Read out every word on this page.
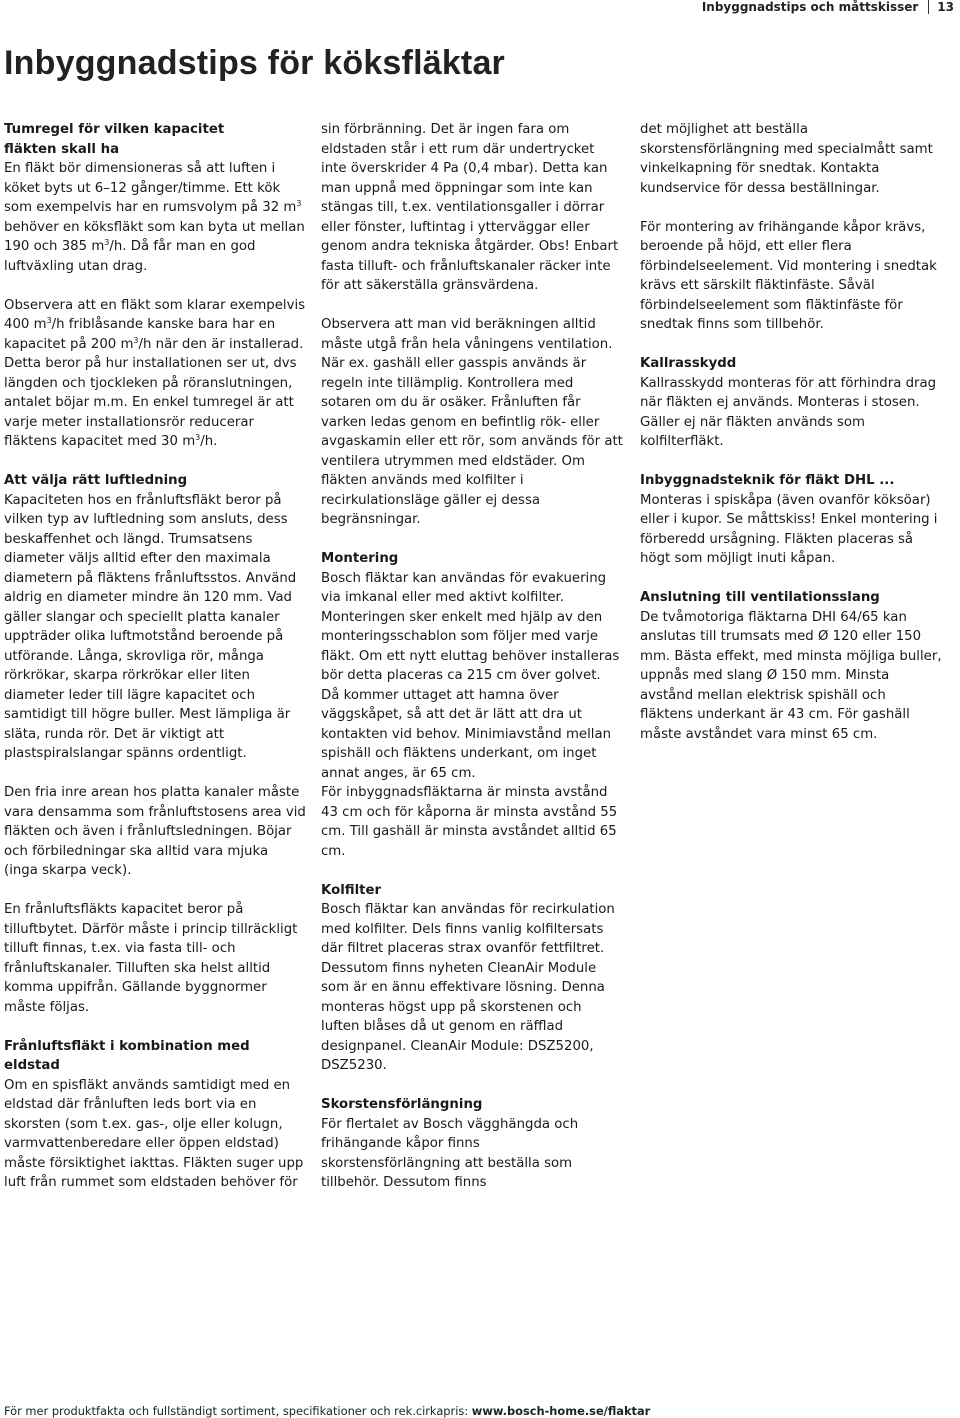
Inbyggnadstips och måttskisser	13
Inbyggnadstips för köksfläktar

Tumregel för vilken kapacitet
fläkten skall ha
En fläkt bör dimensioneras så att luften i köket byts ut 6–12 gånger/timme. Ett kök som exempelvis har en rumsvolym på 32 $m^3$ behöver en köksfläkt som kan byta ut mellan 190 och 385 $m^3/h$. Då får man en god luftväxling utan drag.

Observera att en fläkt som klarar exempelvis 400 $m^3/h$ friblåsande kanske bara har en kapacitet på 200 $m^3/h$ när den är installerad. Detta beror på hur installationen ser ut, dvs längden och tjockleken på röranslutningen, antalet böjar m.m. En enkel tumregel är att varje meter installationsrör reducerar fläktens kapacitet med 30 $m^3/h$.

Att välja rätt luftledning
Kapaciteten hos en frånluftsfläkt beror på vilken typ av luftledning som ansluts, dess beskaffenhet och längd. Trumsatsens diameter väljs alltid efter den maximala diametern på fläktens frånluftsstos. Använd aldrig en diameter mindre än 120 mm. Vad gäller slangar och speciellt platta kanaler uppträder olika luftmotstånd beroende på utförande. Långa, skrovliga rör, många rörkrökar, skarpa rörkrökar eller liten diameter leder till lägre kapacitet och samtidigt till högre buller. Mest lämpliga är släta, runda rör. Det är viktigt att plastspiralslangar spänns ordentligt.

Den fria inre arean hos platta kanaler måste vara densamma som frånluftstosens area vid fläkten och även i frånluftsledningen. Böjar och förbiledningar ska alltid vara mjuka (inga skarpa veck).

En frånluftsfläkts kapacitet beror på tilluftbytet. Därför måste i princip tillräckligt tilluft finnas, t.ex. via fasta till- och frånluftskanaler. Tilluften ska helst alltid komma uppifrån. Gällande byggnormer måste följas.

Frånluftsfläkt i kombination med eldstad
Om en spisfläkt används samtidigt med en eldstad där frånluften leds bort via en skorsten (som t.ex. gas-, olje eller kolugn, varmvattenberedare eller öppen eldstad) måste försiktighet iakttas. Fläkten suger upp luft från rummet som eldstaden behöver för

sin förbränning. Det är ingen fara om eldstaden står i ett rum där undertrycket inte överskrider 4 Pa (0,4 mbar). Detta kan man uppnå med öppningar som inte kan stängas till, t.ex. ventilationsgaller i dörrar eller fönster, luftintag i ytterväggar eller genom andra tekniska åtgärder. Obs! Enbart fasta tilluft- och frånluftskanaler räcker inte för att säkerställa gränsvärdena.

Observera att man vid beräkningen alltid måste utgå från hela våningens ventilation. När ex. gashäll eller gasspis används är regeln inte tillämplig. Kontrollera med sotaren om du är osäker. Frånluften får varken ledas genom en befintlig rök- eller avgaskamin eller ett rör, som används för att ventilera utrymmen med eldstäder. Om fläkten används med kolfilter i recirkulationsläge gäller ej dessa begränsningar.

Montering
Bosch fläktar kan användas för evakuering via imkanal eller med aktivt kolfilter. Monteringen sker enkelt med hjälp av den monteringsschablon som följer med varje fläkt. Om ett nytt eluttag behöver installeras bör detta placeras ca 215 cm över golvet. Då kommer uttaget att hamna över väggskåpet, så att det är lätt att dra ut kontakten vid behov. Minimiavstånd mellan spishäll och fläktens underkant, om inget annat anges, är 65 cm.

För inbyggnadsfläktarna är minsta avstånd 43 cm och för kåporna är minsta avstånd 55 cm. Till gashäll är minsta avståndet alltid 65 cm.

Kolfilter
Bosch fläktar kan användas för recirkulation med kolfilter. Dels finns vanlig kolfiltersats där filtret placeras strax ovanför fettfiltret. Dessutom finns nyheten CleanAir Module som är en ännu effektivare lösning. Denna monteras högst upp på skorstenen och luften blåses då ut genom en räfflad designpanel. CleanAir Module: DSZ5200, DSZ5230.

Skorstensförlängning
För flertalet av Bosch vägghängda och frihängande kåpor finns skorstensförlängning att beställa som tillbehör. Dessutom finns

det möjlighet att beställa skorstensförlängning med specialmått samt vinkelkapning för snedtak. Kontakta kundservice för dessa beställningar.

För montering av frihängande kåpor krävs, beroende på höjd, ett eller flera förbindelseelement. Vid montering i snedtak krävs ett särskilt fläktinfäste. Såväl förbindelseelement som fläktinfäste för snedtak finns som tillbehör.

Kallrasskydd
Kallrasskydd monteras för att förhindra drag när fläkten ej används. Monteras i stosen. Gäller ej när fläkten används som kolfilterfläkt.

Inbyggnadsteknik för fläkt DHL ...
Monteras i spiskåpa (även ovanför köksöar) eller i kupor. Se måttskiss! Enkel montering i förberedd ursågning. Fläkten placeras så högt som möjligt inuti kåpan.

Anslutning till ventilationsslang
De tvåmotoriga fläktarna DHI 64/65 kan anslutas till trumsats med Ø 120 eller 150 mm. Bästa effekt, med minsta möjliga buller, uppnås med slang Ø 150 mm. Minsta avstånd mellan elektrisk spishäll och fläktens underkant är 43 cm. För gashäll måste avståndet vara minst 65 cm.

För mer produktfakta och fullständigt sortiment, specifikationer och rek.cirkapris: www.bosch-home.se/flaktar
